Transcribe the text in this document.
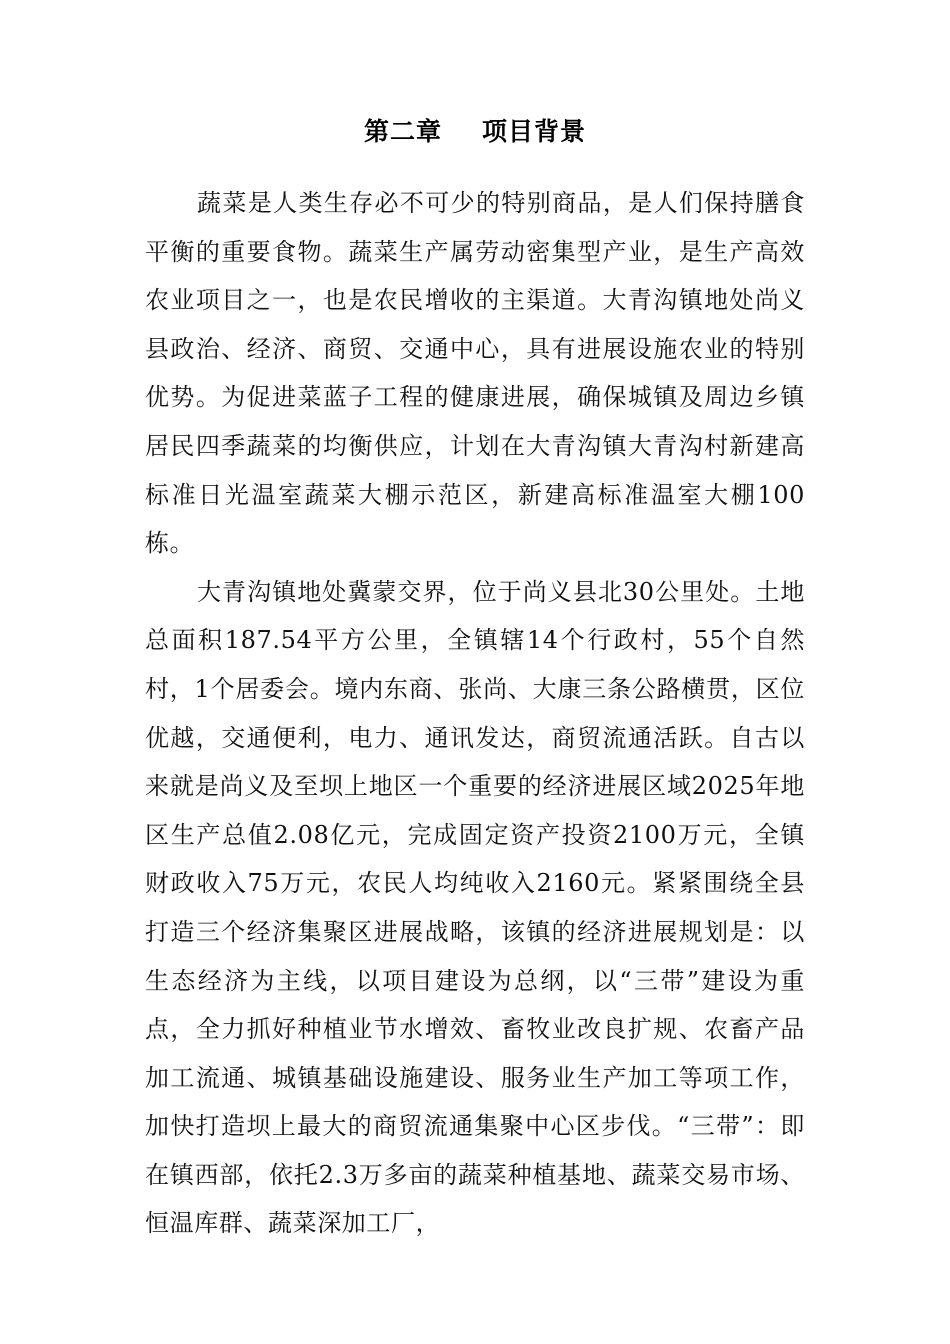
第二章 项目背景

蔬菜是人类生存必不可少的特别商品，是人们保持膳食平衡的重要食物。蔬菜生产属劳动密集型产业，是生产高效农业项目之一，也是农民增收的主渠道。大青沟镇地处尚义县政治、经济、商贸、交通中心，具有进展设施农业的特别优势。为促进菜蓝子工程的健康进展，确保城镇及周边乡镇居民四季蔬菜的均衡供应，计划在大青沟镇大青沟村新建高标准日光温室蔬菜大棚示范区，新建高标准温室大棚100栋。

大青沟镇地处冀蒙交界，位于尚义县北30公里处。土地总面积187.54平方公里，全镇辖14个行政村，55个自然村，1个居委会。境内东商、张尚、大康三条公路横贯，区位优越，交通便利，电力、通讯发达，商贸流通活跃。自古以来就是尚义及至坝上地区一个重要的经济进展区域2025年地区生产总值2.08亿元，完成固定资产投资2100万元，全镇财政收入75万元，农民人均纯收入2160元。紧紧围绕全县打造三个经济集聚区进展战略，该镇的经济进展规划是：以生态经济为主线，以项目建设为总纲，以“三带”建设为重点，全力抓好种植业节水增效、畜牧业改良扩规、农畜产品加工流通、城镇基础设施建设、服务业生产加工等项工作，加快打造坝上最大的商贸流通集聚中心区步伐。“三带”：即在镇西部，依托2.3万多亩的蔬菜种植基地、蔬菜交易市场、恒温库群、蔬菜深加工厂，
